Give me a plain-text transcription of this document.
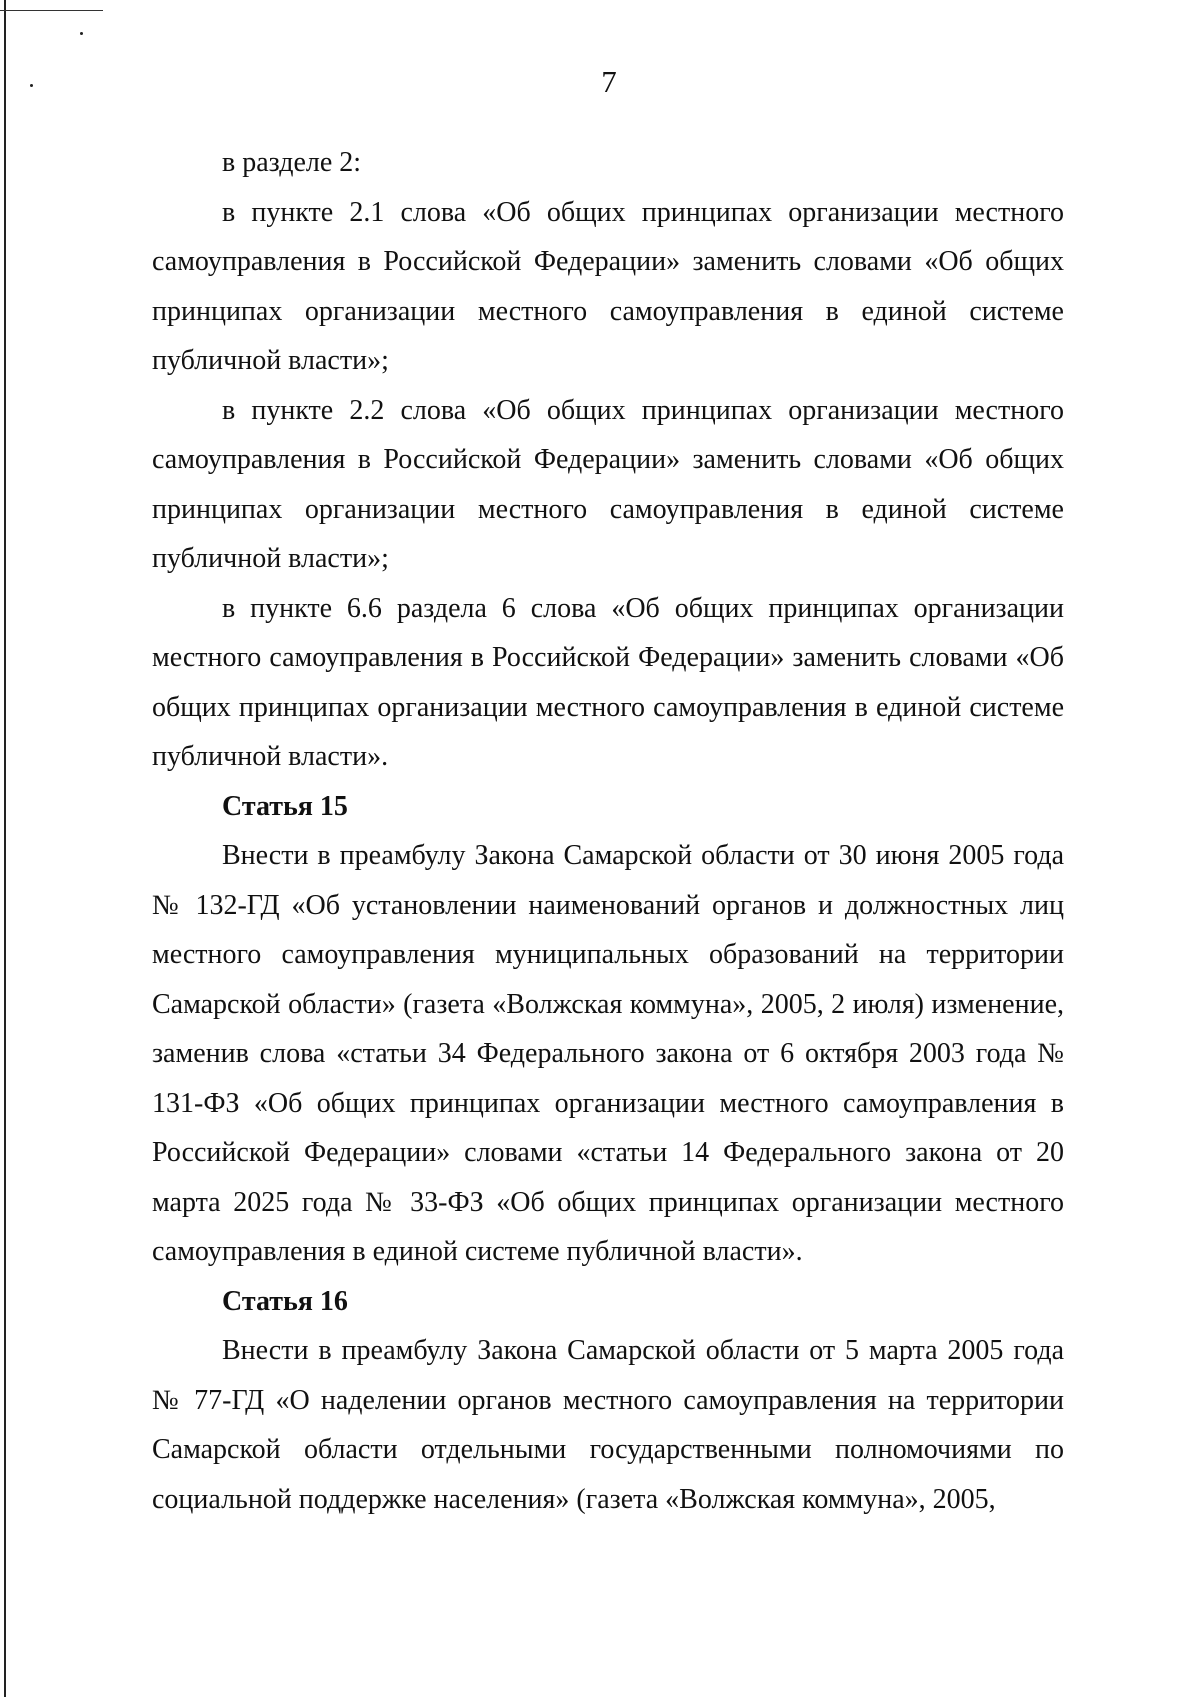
7

в разделе 2:

в пункте 2.1 слова «Об общих принципах организации местного самоуправления в Российской Федерации» заменить словами «Об общих принципах организации местного самоуправления в единой системе публичной власти»;

в пункте 2.2 слова «Об общих принципах организации местного самоуправления в Российской Федерации» заменить словами «Об общих принципах организации местного самоуправления в единой системе публичной власти»;

в пункте 6.6 раздела 6 слова «Об общих принципах организации местного самоуправления в Российской Федерации» заменить словами «Об общих принципах организации местного самоуправления в единой системе публичной власти».

Статья 15

Внести в преамбулу Закона Самарской области от 30 июня 2005 года № 132-ГД «Об установлении наименований органов и должностных лиц местного самоуправления муниципальных образований на территории Самарской области» (газета «Волжская коммуна», 2005, 2 июля) изменение, заменив слова «статьи 34 Федерального закона от 6 октября 2003 года № 131-ФЗ «Об общих принципах организации местного самоуправления в Российской Федерации» словами «статьи 14 Федерального закона от 20 марта 2025 года № 33-ФЗ «Об общих принципах организации местного самоуправления в единой системе публичной власти».

Статья 16

Внести в преамбулу Закона Самарской области от 5 марта 2005 года № 77-ГД «О наделении органов местного самоуправления на территории Самарской области отдельными государственными полномочиями по социальной поддержке населения» (газета «Волжская коммуна», 2005,
